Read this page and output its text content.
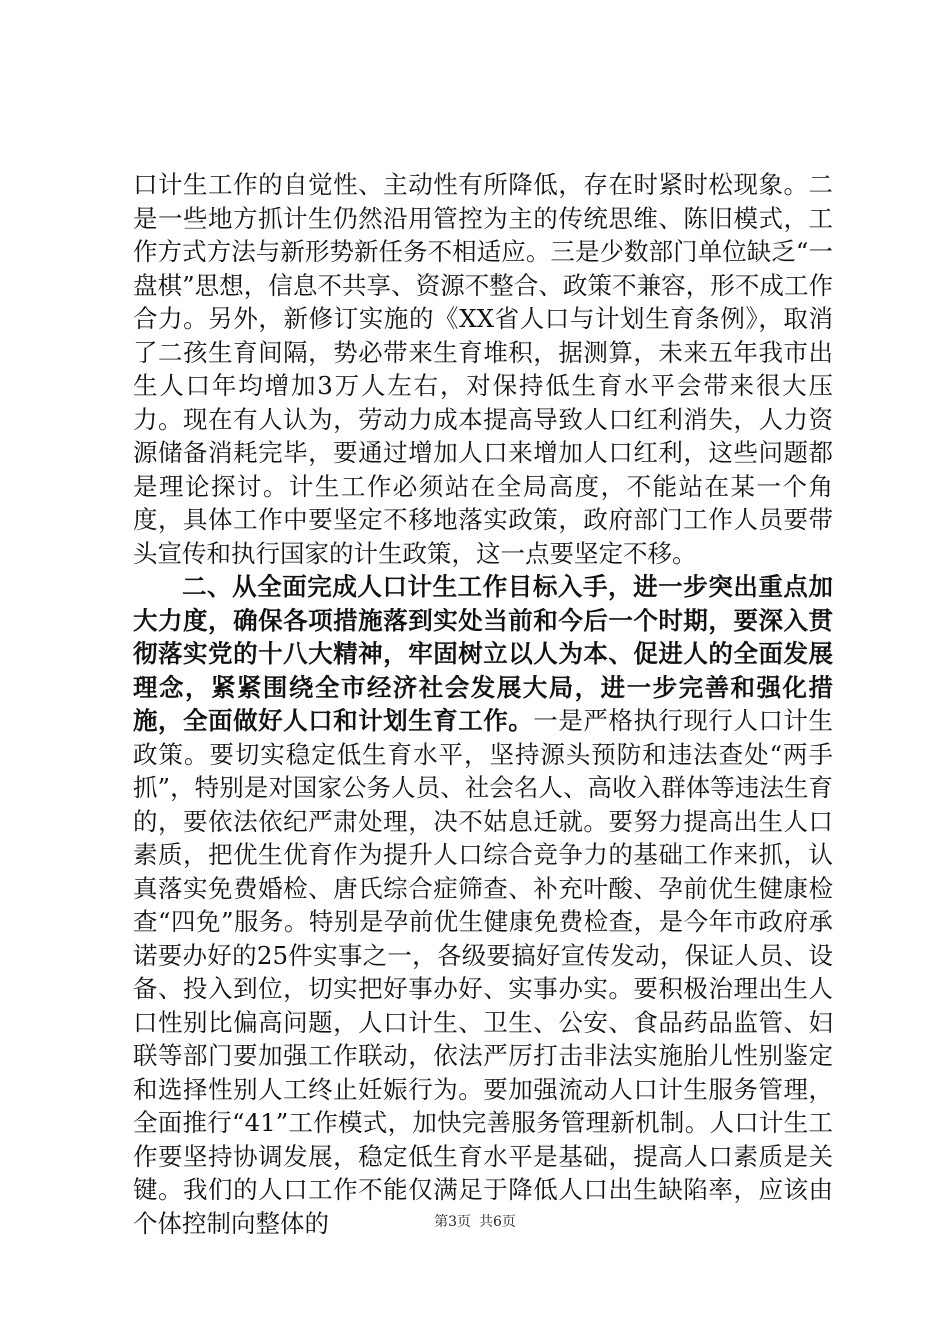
口计生工作的自觉性、主动性有所降低，存在时紧时松现象。二是一些地方抓计生仍然沿用管控为主的传统思维、陈旧模式，工作方式方法与新形势新任务不相适应。三是少数部门单位缺乏“一盘棋”思想，信息不共享、资源不整合、政策不兼容，形不成工作合力。另外，新修订实施的《XX省人口与计划生育条例》，取消了二孩生育间隔，势必带来生育堆积，据测算，未来五年我市出生人口年均增加3万人左右，对保持低生育水平会带来很大压力。现在有人认为，劳动力成本提高导致人口红利消失，人力资源储备消耗完毕，要通过增加人口来增加人口红利，这些问题都是理论探讨。计生工作必须站在全局高度，不能站在某一个角度，具体工作中要坚定不移地落实政策，政府部门工作人员要带头宣传和执行国家的计生政策，这一点要坚定不移。

二、从全面完成人口计生工作目标入手，进一步突出重点加大力度，确保各项措施落到实处当前和今后一个时期，要深入贯彻落实党的十八大精神，牢固树立以人为本、促进人的全面发展理念，紧紧围绕全市经济社会发展大局，进一步完善和强化措施，全面做好人口和计划生育工作。一是严格执行现行人口计生政策。要切实稳定低生育水平，坚持源头预防和违法查处“两手抓”，特别是对国家公务人员、社会名人、高收入群体等违法生育的，要依法依纪严肃处理，决不姑息迁就。要努力提高出生人口素质，把优生优育作为提升人口综合竞争力的基础工作来抓，认真落实免费婚检、唐氏综合症筛查、补充叶酸、孕前优生健康检查“四免”服务。特别是孕前优生健康免费检查，是今年市政府承诺要办好的25件实事之一，各级要搞好宣传发动，保证人员、设备、投入到位，切实把好事办好、实事办实。要积极治理出生人口性别比偏高问题，人口计生、卫生、公安、食品药品监管、妇联等部门要加强工作联动，依法严厉打击非法实施胎儿性别鉴定和选择性别人工终止妊娠行为。要加强流动人口计生服务管理，全面推行“41”工作模式，加快完善服务管理新机制。人口计生工作要坚持协调发展，稳定低生育水平是基础，提高人口素质是关键。我们的人口工作不能仅满足于降低人口出生缺陷率，应该由个体控制向整体的	第3页 共6页
